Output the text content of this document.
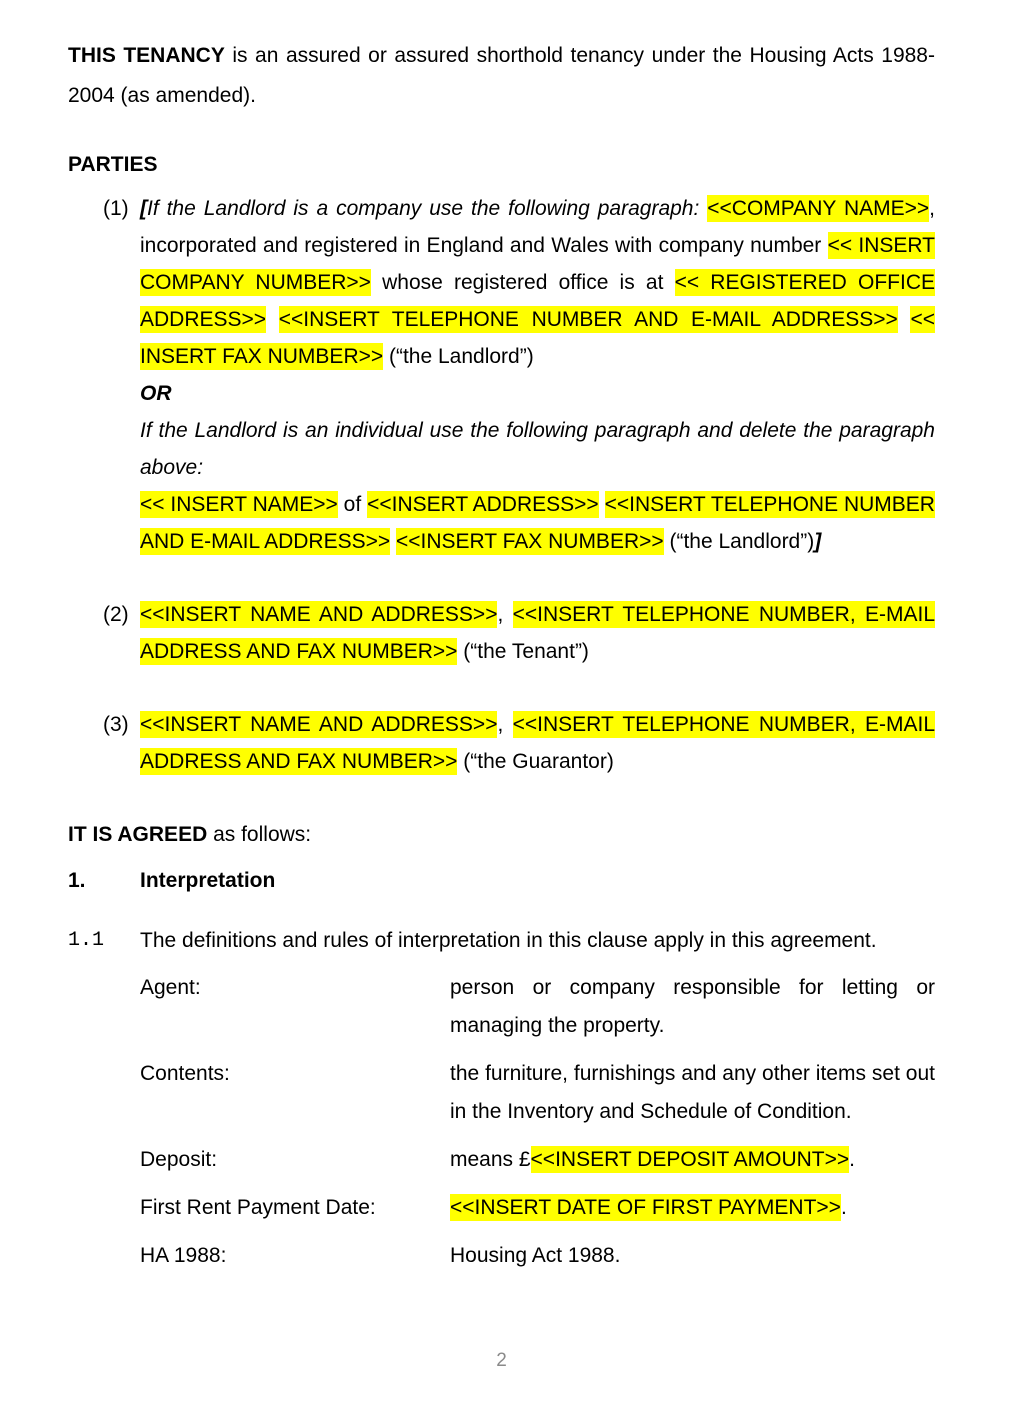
THIS TENANCY is an assured or assured shorthold tenancy under the Housing Acts 1988-2004 (as amended).

PARTIES
(1) [If the Landlord is a company use the following paragraph: <<COMPANY NAME>>, incorporated and registered in England and Wales with company number << INSERT COMPANY NUMBER>> whose registered office is at << REGISTERED OFFICE ADDRESS>> <<INSERT TELEPHONE NUMBER AND E-MAIL ADDRESS>> << INSERT FAX NUMBER>> (“the Landlord”)

OR

If the Landlord is an individual use the following paragraph and delete the paragraph above:

<< INSERT NAME>> of <<INSERT ADDRESS>> <<INSERT TELEPHONE NUMBER AND E-MAIL ADDRESS>> <<INSERT FAX NUMBER>> (“the Landlord”)]

(2) <<INSERT NAME AND ADDRESS>>, <<INSERT TELEPHONE NUMBER, E-MAIL ADDRESS AND FAX NUMBER>> (“the Tenant”)

(3) <<INSERT NAME AND ADDRESS>>, <<INSERT TELEPHONE NUMBER, E-MAIL ADDRESS AND FAX NUMBER>> (“the Guarantor)

IT IS AGREED as follows:

1.	Interpretation
1.1	The definitions and rules of interpretation in this clause apply in this agreement.
Agent:	person or company responsible for letting or managing the property.
Contents:	the furniture, furnishings and any other items set out in the Inventory and Schedule of Condition.
Deposit:	means £<<INSERT DEPOSIT AMOUNT>>.
First Rent Payment Date:	<<INSERT DATE OF FIRST PAYMENT>>.
HA 1988:	Housing Act 1988.
2
